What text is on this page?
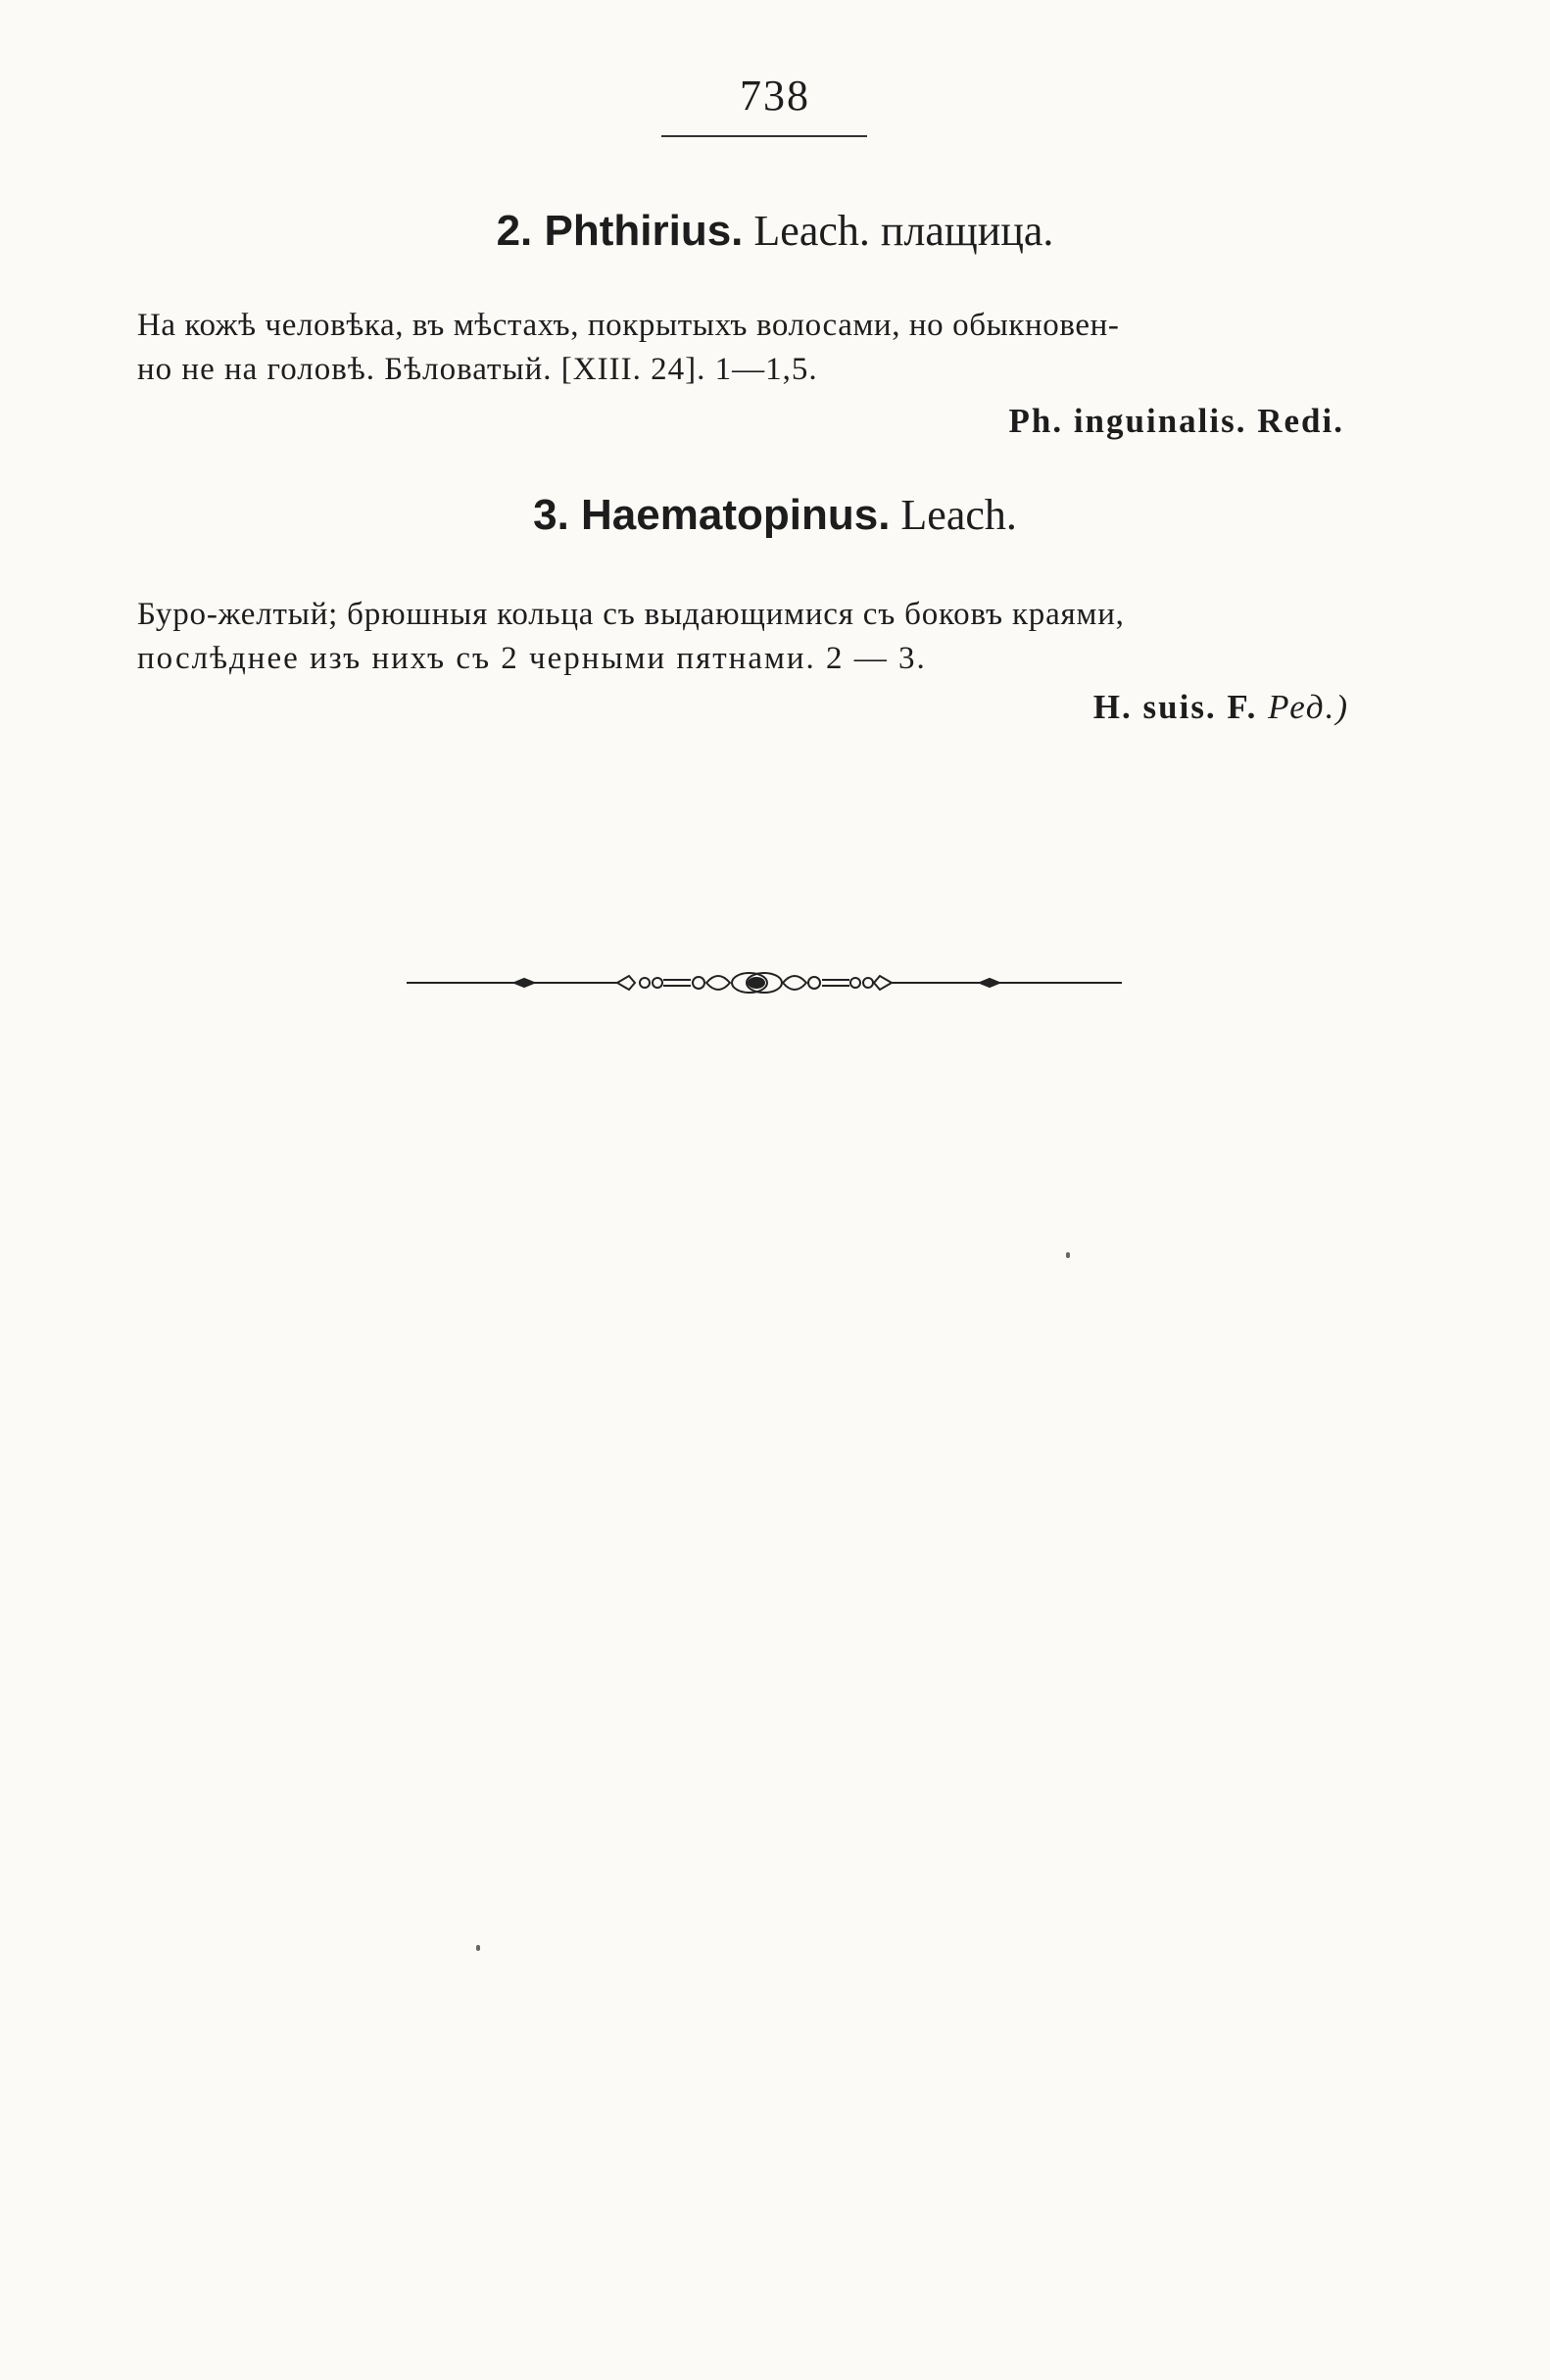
738
2. Phthirius. Leach. плащица.
На кожѣ человѣка, въ мѣстахъ, покрытыхъ волосами, но обыкновен-
но не на головѣ. Бѣловатый. [XIII. 24]. 1—1,5.
Ph. inguinalis. Redi.
3. Haematopinus. Leach.
Буро-желтый; брюшныя кольца съ выдающимися съ боковъ краями,
послѣднее изъ нихъ съ 2 черными пятнами. 2 — 3.
H. suis. F. Ред.)
